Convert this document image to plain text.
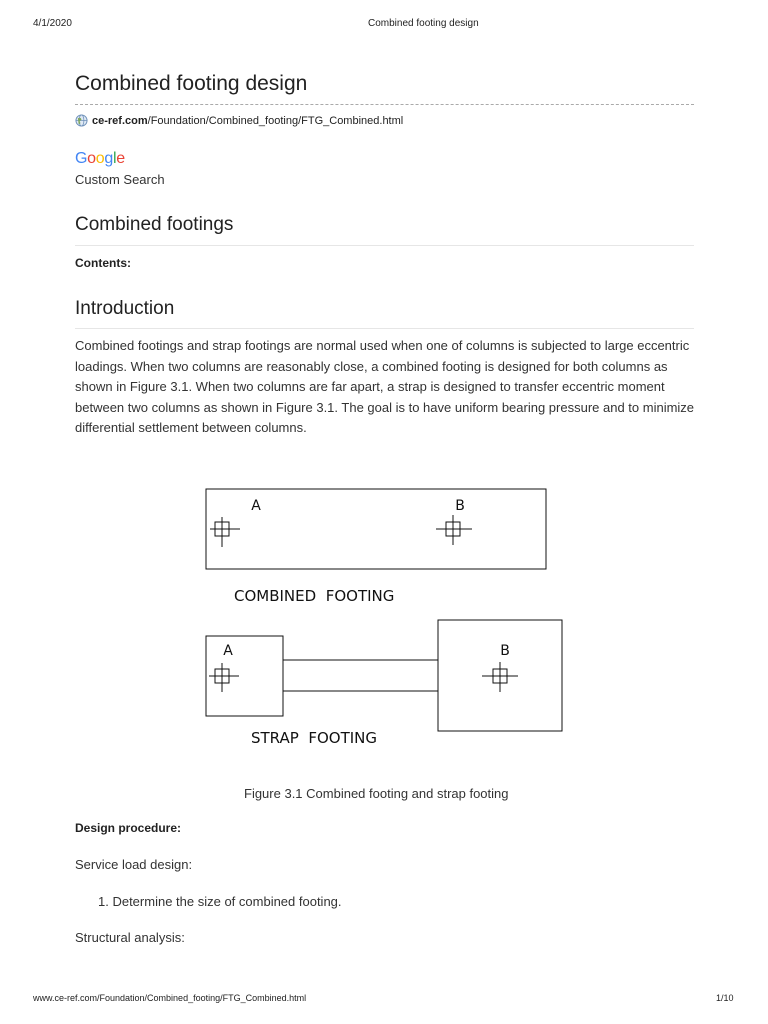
4/1/2020	Combined footing design
Combined footing design
ce-ref.com /Foundation/Combined_footing/FTG_Combined.html
Google
Custom Search
Combined footings
Contents:
Introduction
Combined footings and strap footings are normal used when one of columns is subjected to large eccentric loadings. When two columns are reasonably close, a combined footing is designed for both columns as shown in Figure 3.1. When two columns are far apart, a strap is designed to transfer eccentric moment between two columns as shown in Figure 3.1. The goal is to have uniform bearing pressure and to minimize differential settlement between columns.
A	B
COMBINED  FOOTING
A	B
STRAP  FOOTING
Figure 3.1 Combined footing and strap footing
Design procedure:
Service load design:
1. Determine the size of combined footing.
Structural analysis:
www.ce-ref.com/Foundation/Combined_footing/FTG_Combined.html	1/10
